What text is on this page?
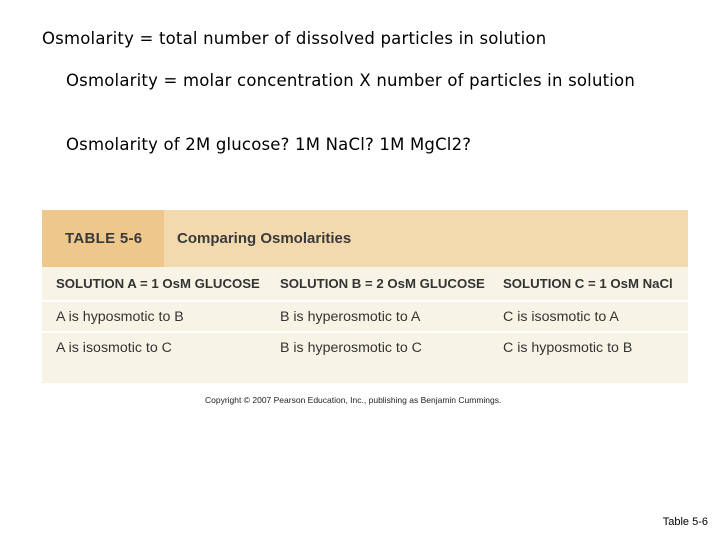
Osmolarity = total number of dissolved particles in solution
Osmolarity = molar concentration X number of particles in solution
Osmolarity of 2M glucose? 1M NaCl? 1M MgCl2?
TABLE 5-6	Comparing Osmolarities
SOLUTION A = 1 OsM GLUCOSE	SOLUTION B = 2 OsM GLUCOSE	SOLUTION C = 1 OsM NaCl
A is hyposmotic to B	B is hyperosmotic to A	C is isosmotic to A
A is isosmotic to C	B is hyperosmotic to C	C is hyposmotic to B
Copyright © 2007 Pearson Education, Inc., publishing as Benjamin Cummings.
Table 5-6
